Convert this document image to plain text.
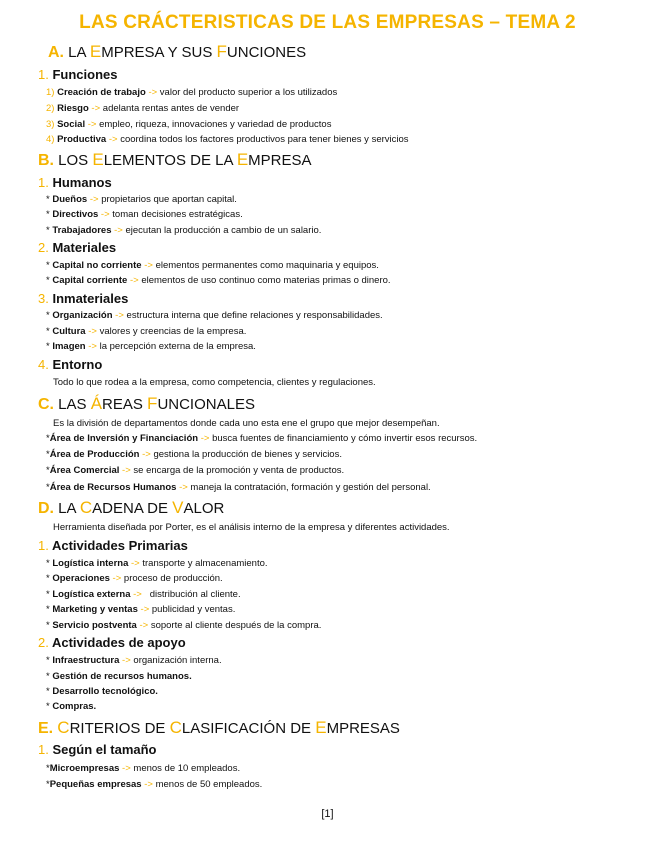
LAS CRÁCTERISTICAS DE LAS EMPRESAS – TEMA 2
A. LA EMPRESA Y SUS FUNCIONES
1. Funciones
1) Creación de trabajo -> valor del producto superior a los utilizados
2) Riesgo -> adelanta rentas antes de vender
3) Social -> empleo, riqueza, innovaciones y variedad de productos
4) Productiva -> coordina todos los factores productivos para tener bienes y servicios
B. LOS ELEMENTOS DE LA EMPRESA
1. Humanos
* Dueños -> propietarios que aportan capital.
* Directivos -> toman decisiones estratégicas.
* Trabajadores -> ejecutan la producción a cambio de un salario.
2. Materiales
* Capital no corriente -> elementos permanentes como maquinaria y equipos.
* Capital corriente -> elementos de uso continuo como materias primas o dinero.
3. Inmateriales
* Organización -> estructura interna que define relaciones y responsabilidades.
* Cultura -> valores y creencias de la empresa.
* Imagen -> la percepción externa de la empresa.
4. Entorno
Todo lo que rodea a la empresa, como competencia, clientes y regulaciones.
C. LAS ÁREAS FUNCIONALES
Es la división de departamentos donde cada uno esta ene el grupo que mejor desempeñan.
*Área de Inversión y Financiación -> busca fuentes de financiamiento y cómo invertir esos recursos.
*Área de Producción -> gestiona la producción de bienes y servicios.
*Área Comercial -> se encarga de la promoción y venta de productos.
*Área de Recursos Humanos -> maneja la contratación, formación y gestión del personal.
D. LA CADENA DE VALOR
Herramienta diseñada por Porter, es el análisis interno de la empresa y diferentes actividades.
1. Actividades Primarias
* Logística interna -> transporte y almacenamiento.
* Operaciones -> proceso de producción.
* Logística externa ->   distribución al cliente.
* Marketing y ventas -> publicidad y ventas.
* Servicio postventa -> soporte al cliente después de la compra.
2. Actividades de apoyo
* Infraestructura -> organización interna.
* Gestión de recursos humanos.
* Desarrollo tecnológico.
* Compras.
E. CRITERIOS DE CLASIFICACIÓN DE EMPRESAS
1. Según el tamaño
*Microempresas -> menos de 10 empleados.
*Pequeñas empresas -> menos de 50 empleados.
[1]
